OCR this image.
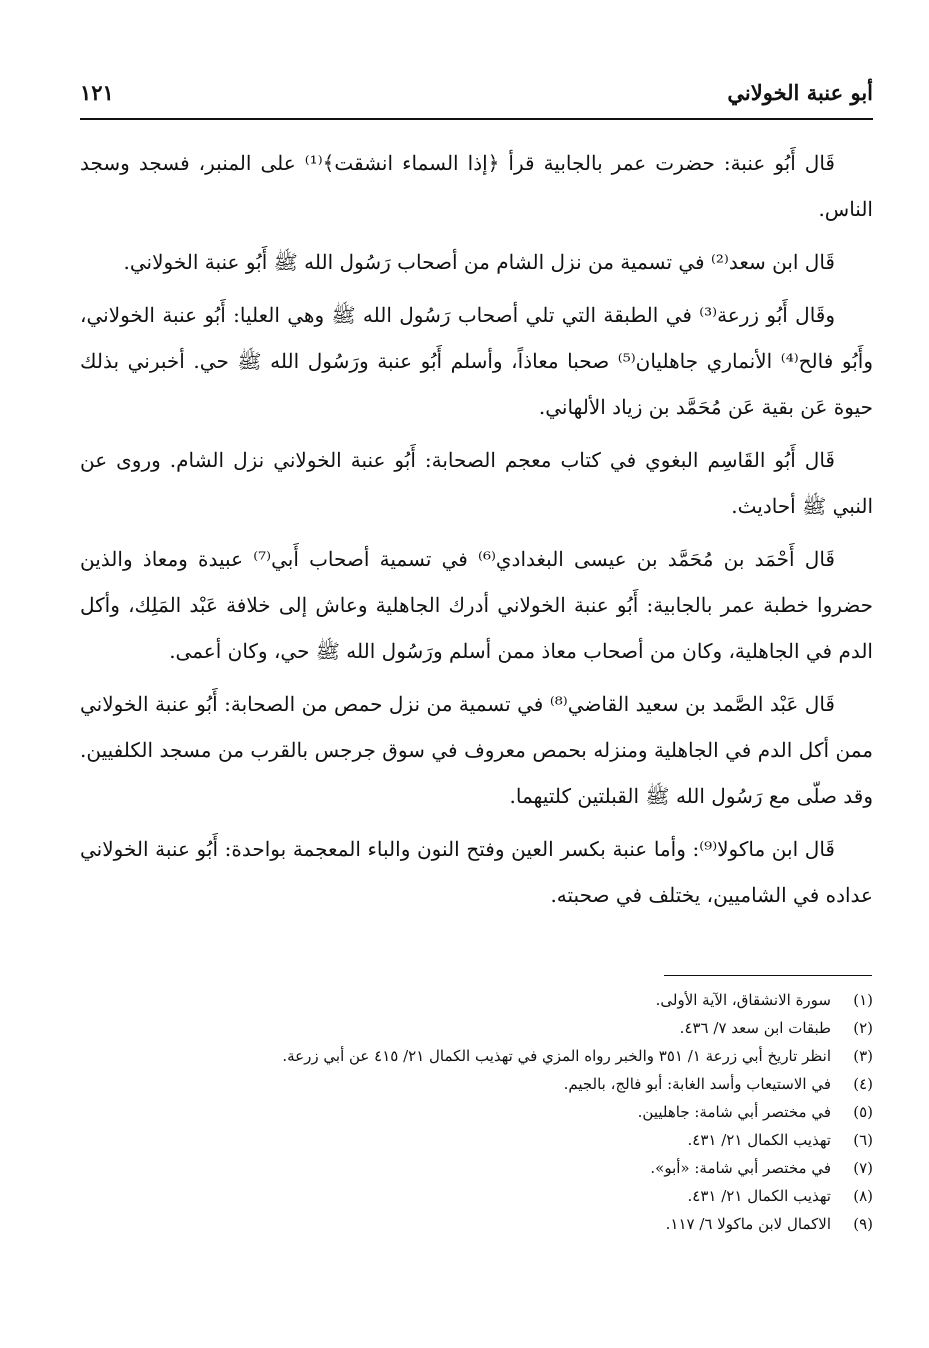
أبو عنبة الخولاني
١٢١

قَال أَبُو عنبة: حضرت عمر بالجابية قرأ ﴿إذا السماء انشقت﴾⁽¹⁾ على المنبر، فسجد وسجد الناس.

قَال ابن سعد⁽²⁾ في تسمية من نزل الشام من أصحاب رَسُول الله ﷺ أَبُو عنبة الخولاني.

وقَال أَبُو زرعة⁽³⁾ في الطبقة التي تلي أصحاب رَسُول الله ﷺ وهي العليا: أَبُو عنبة الخولاني، وأَبُو فالح⁽⁴⁾ الأنماري جاهليان⁽⁵⁾ صحبا معاذاً، وأسلم أَبُو عنبة ورَسُول الله ﷺ حي. أخبرني بذلك حيوة عَن بقية عَن مُحَمَّد بن زياد الألهاني.

قَال أَبُو القَاسِم البغوي في كتاب معجم الصحابة: أَبُو عنبة الخولاني نزل الشام. وروى عن النبي ﷺ أحاديث.

قَال أَحْمَد بن مُحَمَّد بن عيسى البغدادي⁽⁶⁾ في تسمية أصحاب أَبي⁽⁷⁾ عبيدة ومعاذ والذين حضروا خطبة عمر بالجابية: أَبُو عنبة الخولاني أدرك الجاهلية وعاش إلى خلافة عَبْد المَلِك، وأكل الدم في الجاهلية، وكان من أصحاب معاذ ممن أسلم ورَسُول الله ﷺ حي، وكان أعمى.

قَال عَبْد الصَّمد بن سعيد القاضي⁽⁸⁾ في تسمية من نزل حمص من الصحابة: أَبُو عنبة الخولاني ممن أكل الدم في الجاهلية ومنزله بحمص معروف في سوق جرجس بالقرب من مسجد الكلفيين. وقد صلّى مع رَسُول الله ﷺ القبلتين كلتيهما.

قَال ابن ماكولا⁽⁹⁾: وأما عنبة بكسر العين وفتح النون والباء المعجمة بواحدة: أَبُو عنبة الخولاني عداده في الشاميين، يختلف في صحبته.

(١)سورة الانشقاق، الآية الأولى.
(٢)طبقات ابن سعد ٧/ ٤٣٦.
(٣)انظر تاريخ أبي زرعة ١/ ٣٥١ والخبر رواه المزي في تهذيب الكمال ٢١/ ٤١٥ عن أبي زرعة.
(٤)في الاستيعاب وأسد الغابة: أبو فالج، بالجيم.
(٥)في مختصر أبي شامة: جاهليين.
(٦)تهذيب الكمال ٢١/ ٤٣١.
(٧)في مختصر أبي شامة: «أبو».
(٨)تهذيب الكمال ٢١/ ٤٣١.
(٩)الاكمال لابن ماكولا ٦/ ١١٧.
